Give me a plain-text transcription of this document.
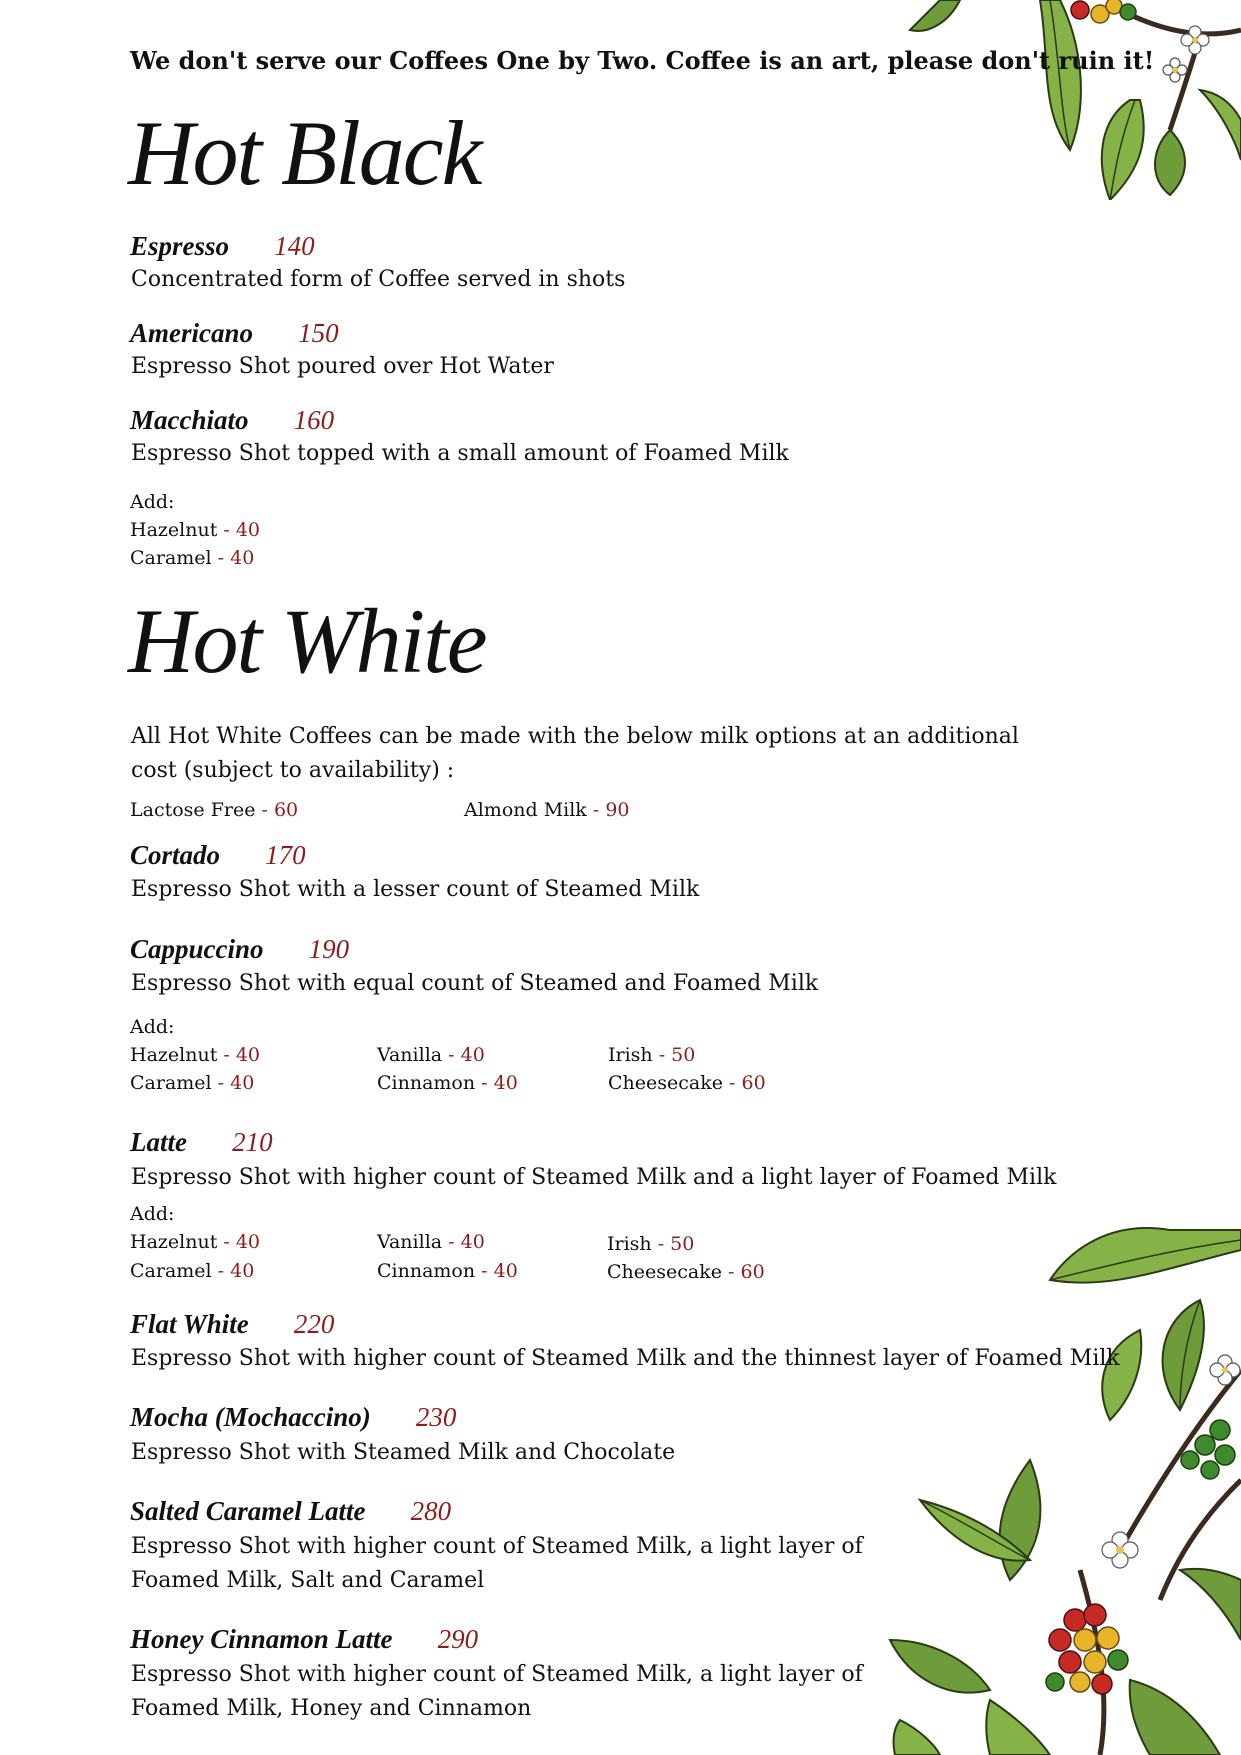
We don't serve our Coffees One by Two. Coffee is an art, please don't ruin it!
Hot Black
Espresso 140
Concentrated form of Coffee served in shots
Americano 150
Espresso Shot poured over Hot Water
Macchiato 160
Espresso Shot topped with a small amount of Foamed Milk
Add:
Hazelnut - 40
Caramel - 40
Hot White
All Hot White Coffees can be made with the below milk options at an additional
cost (subject to availability) :
Lactose Free - 60	Almond Milk - 90
Cortado 170
Espresso Shot with a lesser count of Steamed Milk
Cappuccino 190
Espresso Shot with equal count of Steamed and Foamed Milk
Add:
Hazelnut - 40
Caramel - 40
Vanilla - 40
Cinnamon - 40
Irish - 50
Cheesecake - 60
Latte 210
Espresso Shot with higher count of Steamed Milk and a light layer of Foamed Milk
Add:
Hazelnut - 40
Caramel - 40
Vanilla - 40
Cinnamon - 40
Irish - 50
Cheesecake - 60
Flat White 220
Espresso Shot with higher count of Steamed Milk and the thinnest layer of Foamed Milk
Mocha (Mochaccino) 230
Espresso Shot with Steamed Milk and Chocolate
Salted Caramel Latte 280
Espresso Shot with higher count of Steamed Milk, a light layer of
Foamed Milk, Salt and Caramel
Honey Cinnamon Latte 290
Espresso Shot with higher count of Steamed Milk, a light layer of
Foamed Milk, Honey and Cinnamon
